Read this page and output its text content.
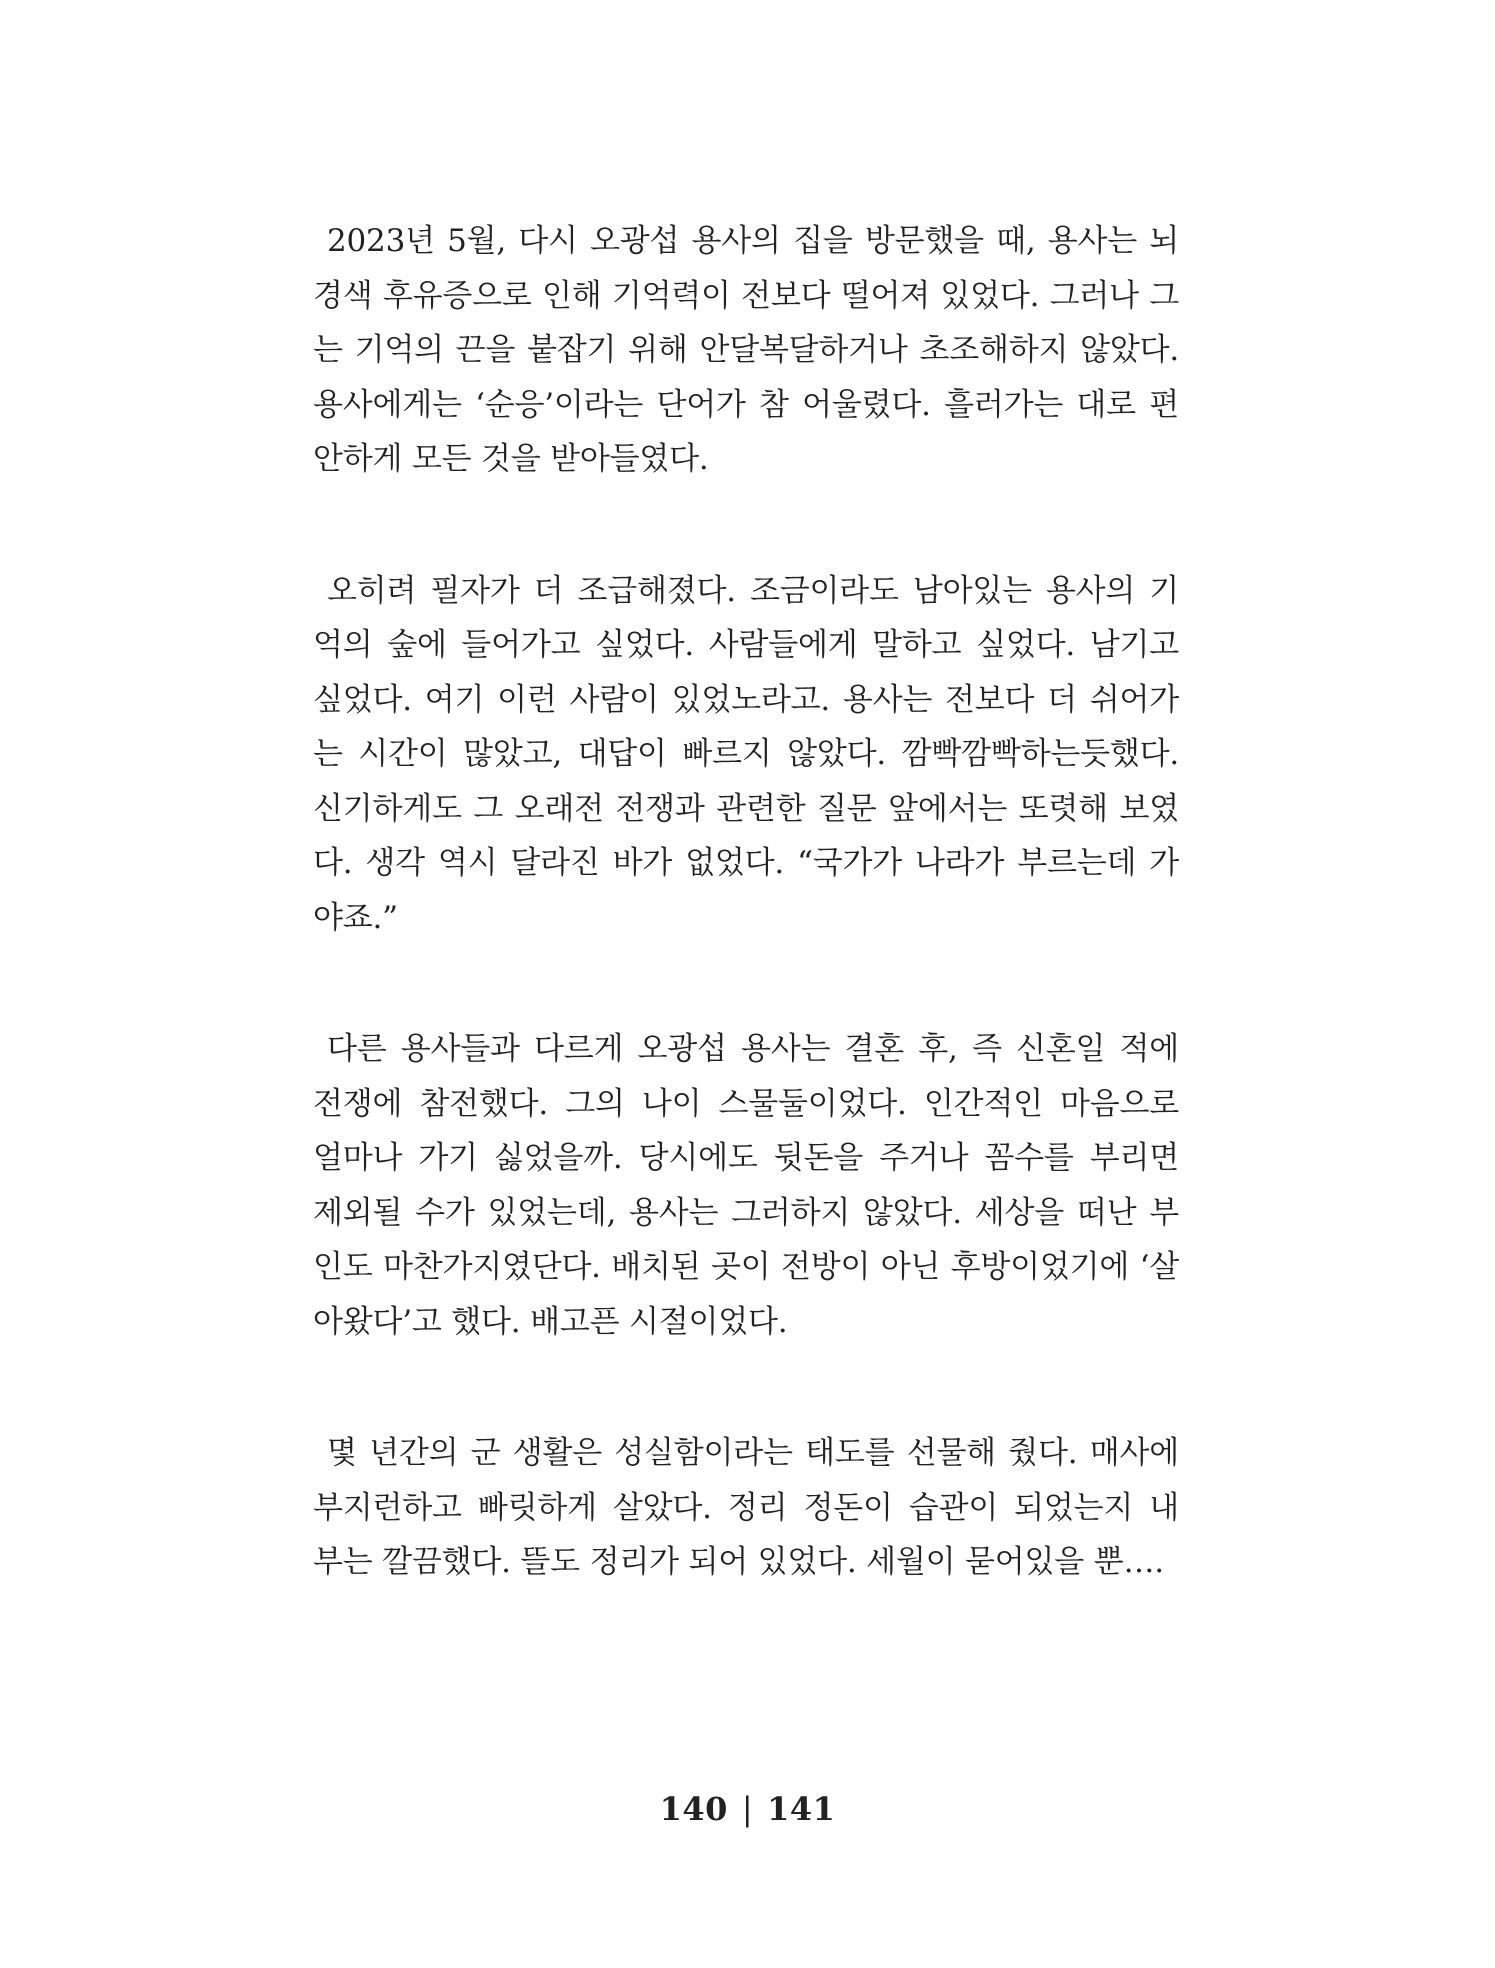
2023년 5월, 다시 오광섭 용사의 집을 방문했을 때, 용사는 뇌
경색 후유증으로 인해 기억력이 전보다 떨어져 있었다. 그러나 그
는 기억의 끈을 붙잡기 위해 안달복달하거나 초조해하지 않았다.
용사에게는 ‘순응’이라는 단어가 참 어울렸다. 흘러가는 대로 편
안하게 모든 것을 받아들였다.
오히려 필자가 더 조급해졌다. 조금이라도 남아있는 용사의 기
억의 숲에 들어가고 싶었다. 사람들에게 말하고 싶었다. 남기고
싶었다. 여기 이런 사람이 있었노라고. 용사는 전보다 더 쉬어가
는 시간이 많았고, 대답이 빠르지 않았다. 깜빡깜빡하는듯했다.
신기하게도 그 오래전 전쟁과 관련한 질문 앞에서는 또렷해 보였
다. 생각 역시 달라진 바가 없었다. “국가가 나라가 부르는데 가
야죠.”
다른 용사들과 다르게 오광섭 용사는 결혼 후, 즉 신혼일 적에
전쟁에 참전했다. 그의 나이 스물둘이었다. 인간적인 마음으로
얼마나 가기 싫었을까. 당시에도 뒷돈을 주거나 꼼수를 부리면
제외될 수가 있었는데, 용사는 그러하지 않았다. 세상을 떠난 부
인도 마찬가지였단다. 배치된 곳이 전방이 아닌 후방이었기에 ‘살
아왔다’고 했다. 배고픈 시절이었다.
몇 년간의 군 생활은 성실함이라는 태도를 선물해 줬다. 매사에
부지런하고 빠릿하게 살았다. 정리 정돈이 습관이 되었는지 내
부는 깔끔했다. 뜰도 정리가 되어 있었다. 세월이 묻어있을 뿐….
140 | 141
